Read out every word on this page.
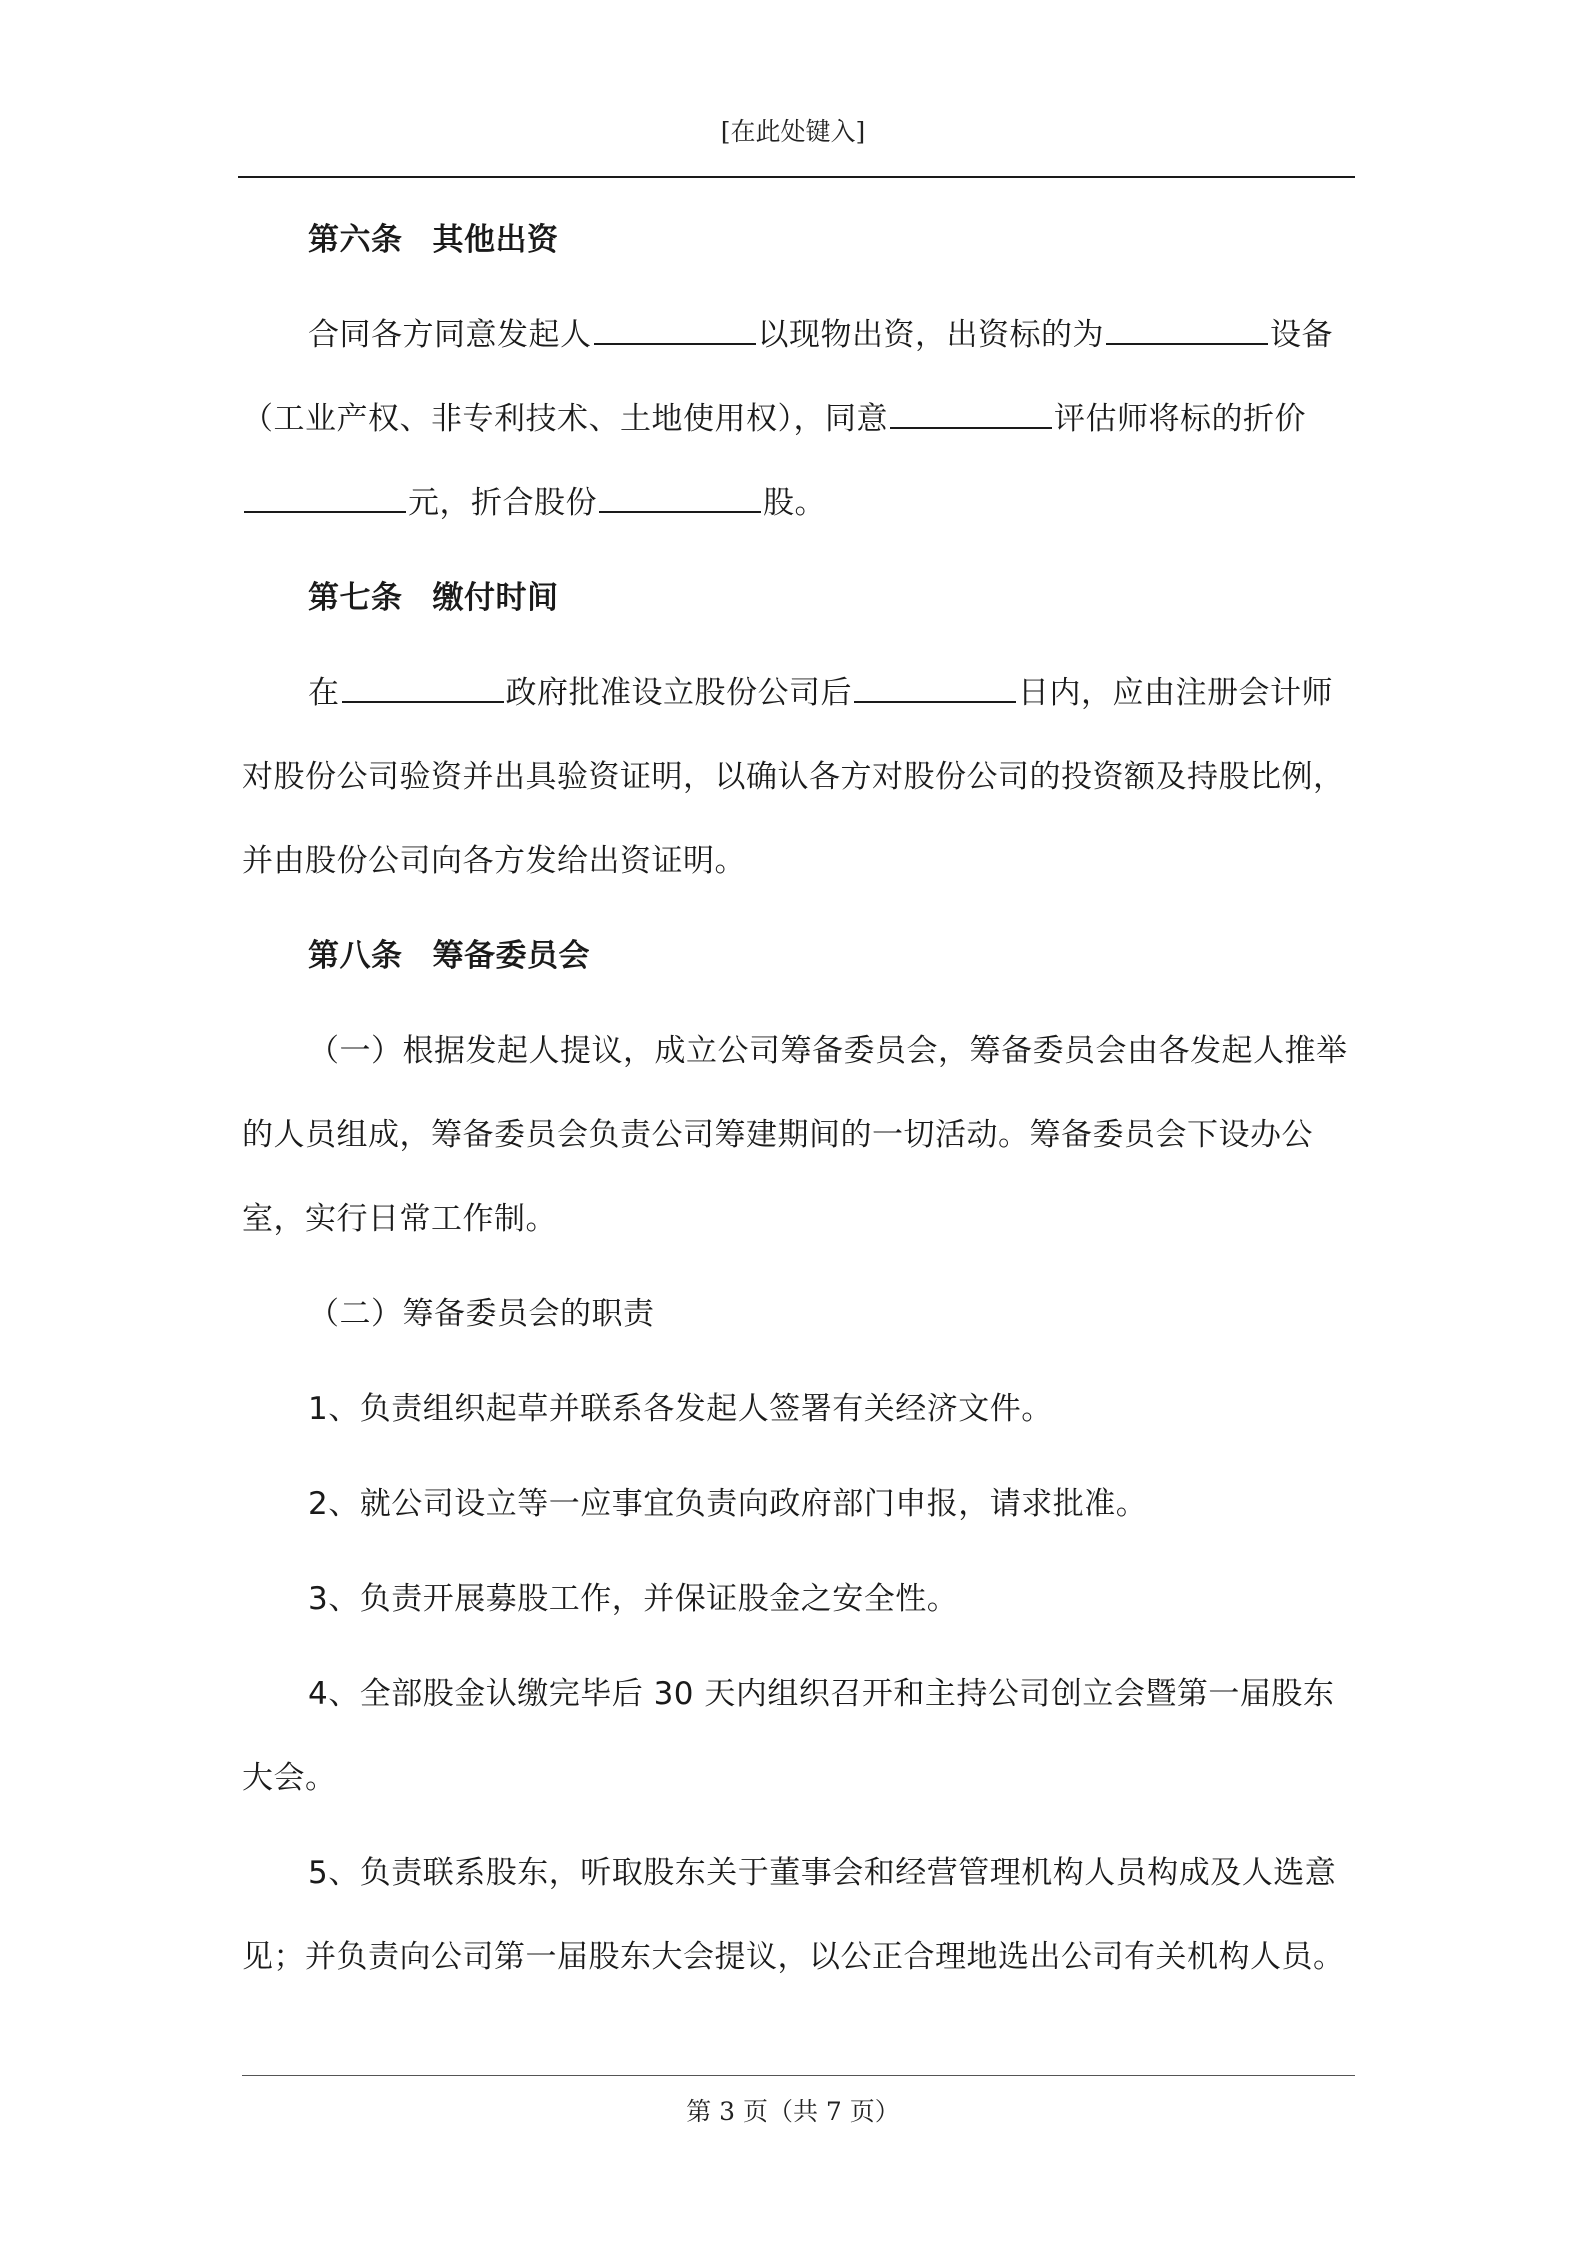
[在此处键入]

第六条 其他出资

合同各方同意发起人	以现物出资，出资标的为	设备（工业产权、非专利技术、土地使用权），同意	评估师将标的折价元，折合股份	股。

第七条 缴付时间

在	政府批准设立股份公司后	日内，应由注册会计师对股份公司验资并出具验资证明，以确认各方对股份公司的投资额及持股比例，并由股份公司向各方发给出资证明。

第八条 筹备委员会

（一）根据发起人提议，成立公司筹备委员会，筹备委员会由各发起人推举的人员组成，筹备委员会负责公司筹建期间的一切活动。筹备委员会下设办公室，实行日常工作制。

（二）筹备委员会的职责

1、负责组织起草并联系各发起人签署有关经济文件。

2、就公司设立等一应事宜负责向政府部门申报，请求批准。

3、负责开展募股工作，并保证股金之安全性。

4、全部股金认缴完毕后 30 天内组织召开和主持公司创立会暨第一届股东大会。

5、负责联系股东，听取股东关于董事会和经营管理机构人员构成及人选意见；并负责向公司第一届股东大会提议，以公正合理地选出公司有关机构人员。

第 3 页（共 7 页）
